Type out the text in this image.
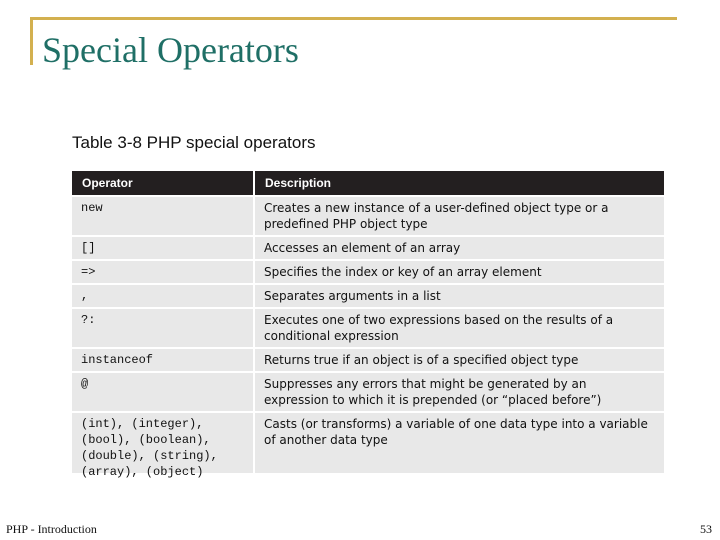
Special Operators
Table 3-8 PHP special operators
Operator	Description
new	Creates a new instance of a user-defined object type or a predefined PHP object type
[]	Accesses an element of an array
=>	Specifies the index or key of an array element
,	Separates arguments in a list
?:	Executes one of two expressions based on the results of a conditional expression
instanceof	Returns true if an object is of a specified object type
@	Suppresses any errors that might be generated by an expression to which it is prepended (or “placed before”)
(int), (integer),
(bool), (boolean),
(double), (string),
(array), (object)	Casts (or transforms) a variable of one data type into a variable of another data type
PHP - Introduction	53
